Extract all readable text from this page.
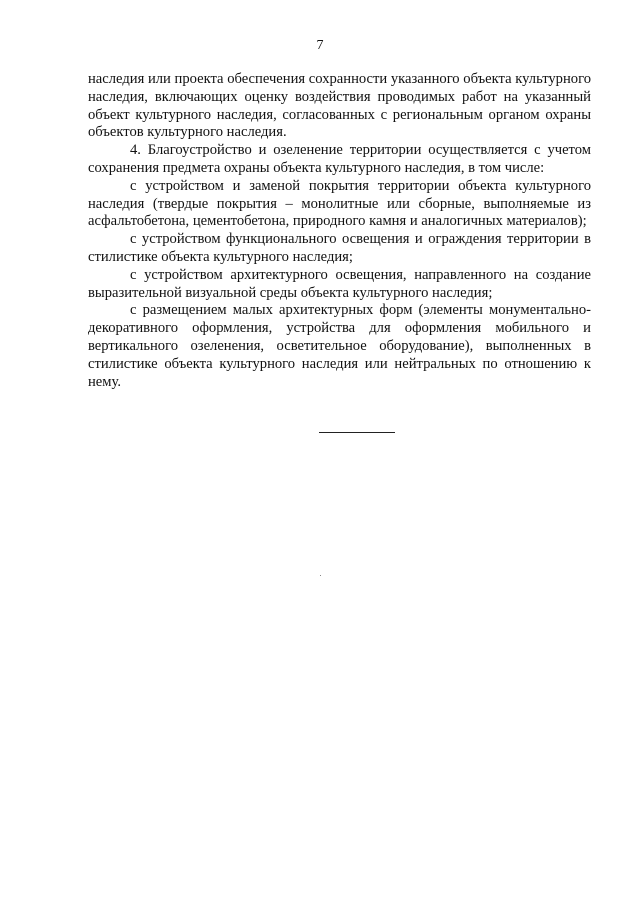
7

наследия или проекта обеспечения сохранности указанного объекта культурного наследия, включающих оценку воздействия проводимых работ на указанный объект культурного наследия, согласованных с региональным органом охраны объектов культурного наследия.

4. Благоустройство и озеленение территории осуществляется с учетом сохранения предмета охраны объекта культурного наследия, в том числе:

с устройством и заменой покрытия территории объекта культурного наследия (твердые покрытия – монолитные или сборные, выполняемые из асфальтобетона, цементобетона, природного камня и аналогичных материалов);

с устройством функционального освещения и ограждения территории в стилистике объекта культурного наследия;

с устройством архитектурного освещения, направленного на создание выразительной визуальной среды объекта культурного наследия;

с размещением малых архитектурных форм (элементы монументально-декоративного оформления, устройства для оформления мобильного и вертикального озеленения, осветительное оборудование), выполненных в стилистике объекта культурного наследия или нейтральных по отношению к нему.
